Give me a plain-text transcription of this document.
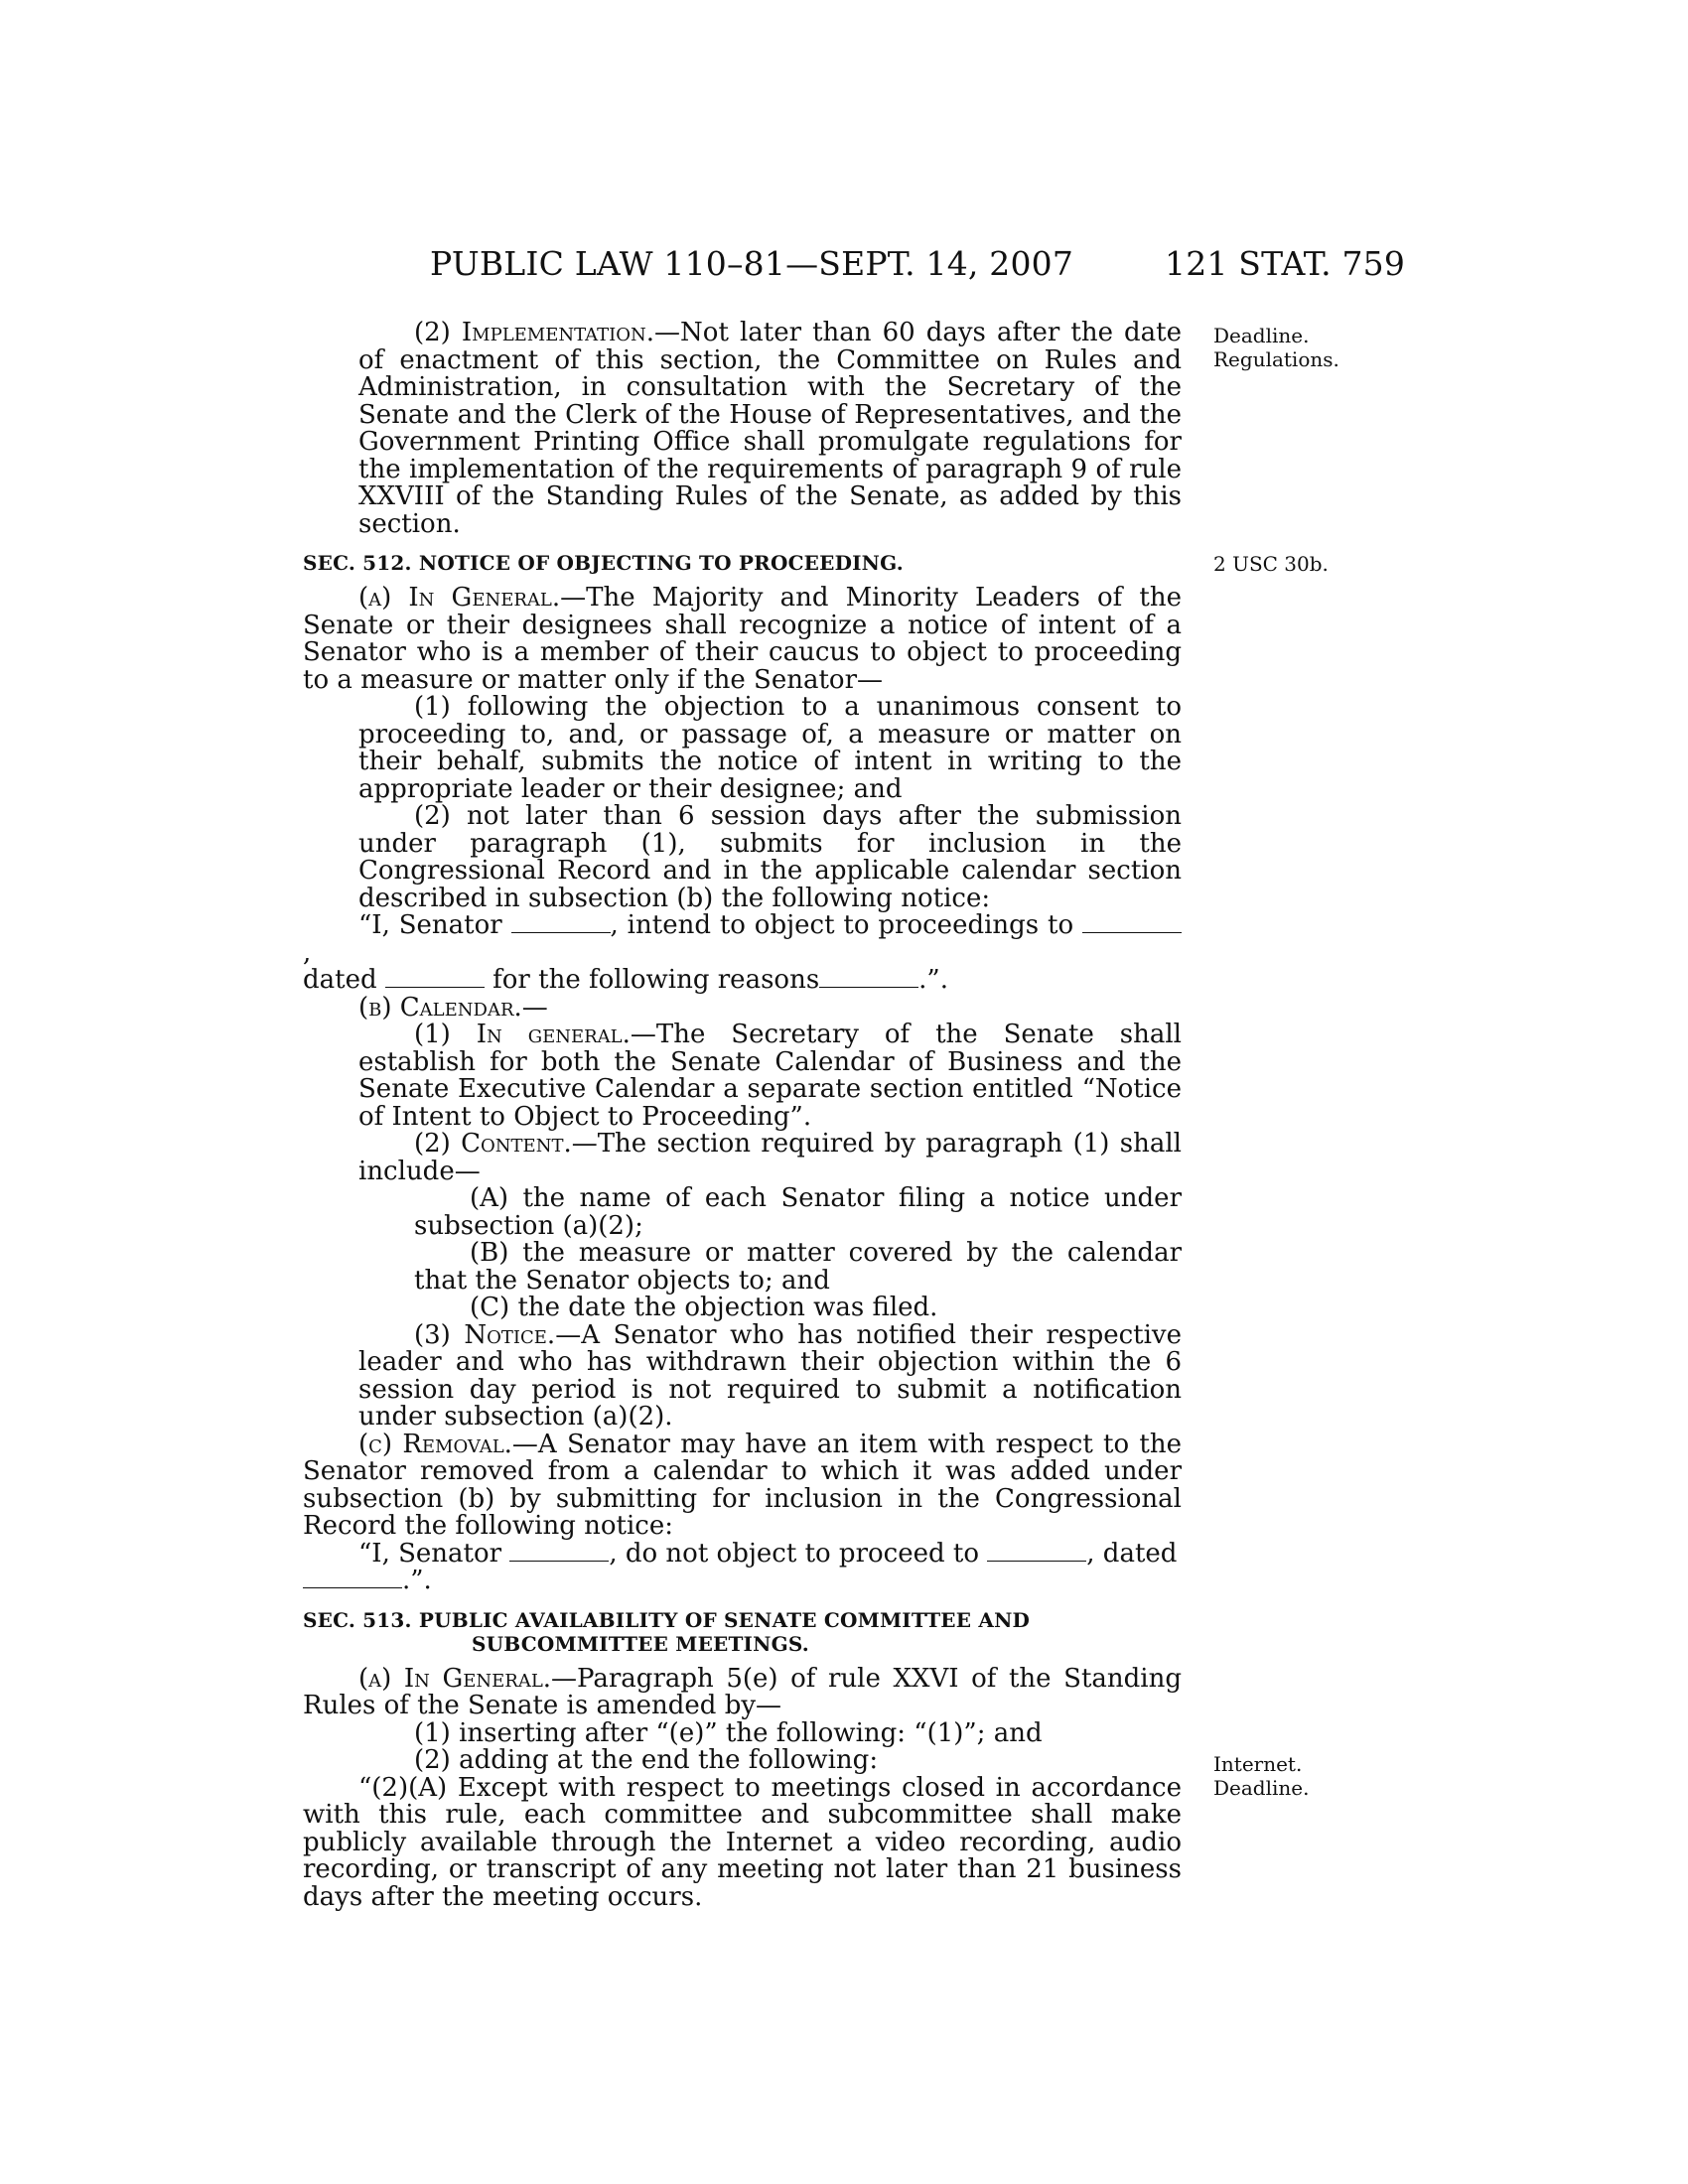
PUBLIC LAW 110–81—SEPT. 14, 2007	121 STAT. 759
Deadline.
Regulations.
2 USC 30b.
Internet.
Deadline.

(2) Implementation.—Not later than 60 days after the date of enactment of this section, the Committee on Rules and Administration, in consultation with the Secretary of the Senate and the Clerk of the House of Representatives, and the Government Printing Office shall promulgate regulations for the implementation of the requirements of paragraph 9 of rule XXVIII of the Standing Rules of the Senate, as added by this section.

SEC. 512. NOTICE OF OBJECTING TO PROCEEDING.

(a) In General.—The Majority and Minority Leaders of the Senate or their designees shall recognize a notice of intent of a Senator who is a member of their caucus to object to proceeding to a measure or matter only if the Senator—

(1) following the objection to a unanimous consent to proceeding to, and, or passage of, a measure or matter on their behalf, submits the notice of intent in writing to the appropriate leader or their designee; and

(2) not later than 6 session days after the submission under paragraph (1), submits for inclusion in the Congressional Record and in the applicable calendar section described in subsection (b) the following notice:

“I, Senator	, intend to object to proceedings to ,
dated	for the following reasons	.”.

(b) Calendar.—

(1) In general.—The Secretary of the Senate shall establish for both the Senate Calendar of Business and the Senate Executive Calendar a separate section entitled “Notice of Intent to Object to Proceeding”.

(2) Content.—The section required by paragraph (1) shall include—

(A) the name of each Senator filing a notice under subsection (a)(2);

(B) the measure or matter covered by the calendar that the Senator objects to; and

(C) the date the objection was filed.

(3) Notice.—A Senator who has notified their respective leader and who has withdrawn their objection within the 6 session day period is not required to submit a notification under subsection (a)(2).

(c) Removal.—A Senator may have an item with respect to the Senator removed from a calendar to which it was added under subsection (b) by submitting for inclusion in the Congressional Record the following notice:

“I, Senator	, do not object to proceed to	, dated
.”.

SEC. 513. PUBLIC AVAILABILITY OF SENATE COMMITTEE AND SUBCOMMITTEE MEETINGS.

(a) In General.—Paragraph 5(e) of rule XXVI of the Standing Rules of the Senate is amended by—

(1) inserting after “(e)” the following: “(1)”; and

(2) adding at the end the following:

“(2)(A) Except with respect to meetings closed in accordance with this rule, each committee and subcommittee shall make publicly available through the Internet a video recording, audio recording, or transcript of any meeting not later than 21 business days after the meeting occurs.
